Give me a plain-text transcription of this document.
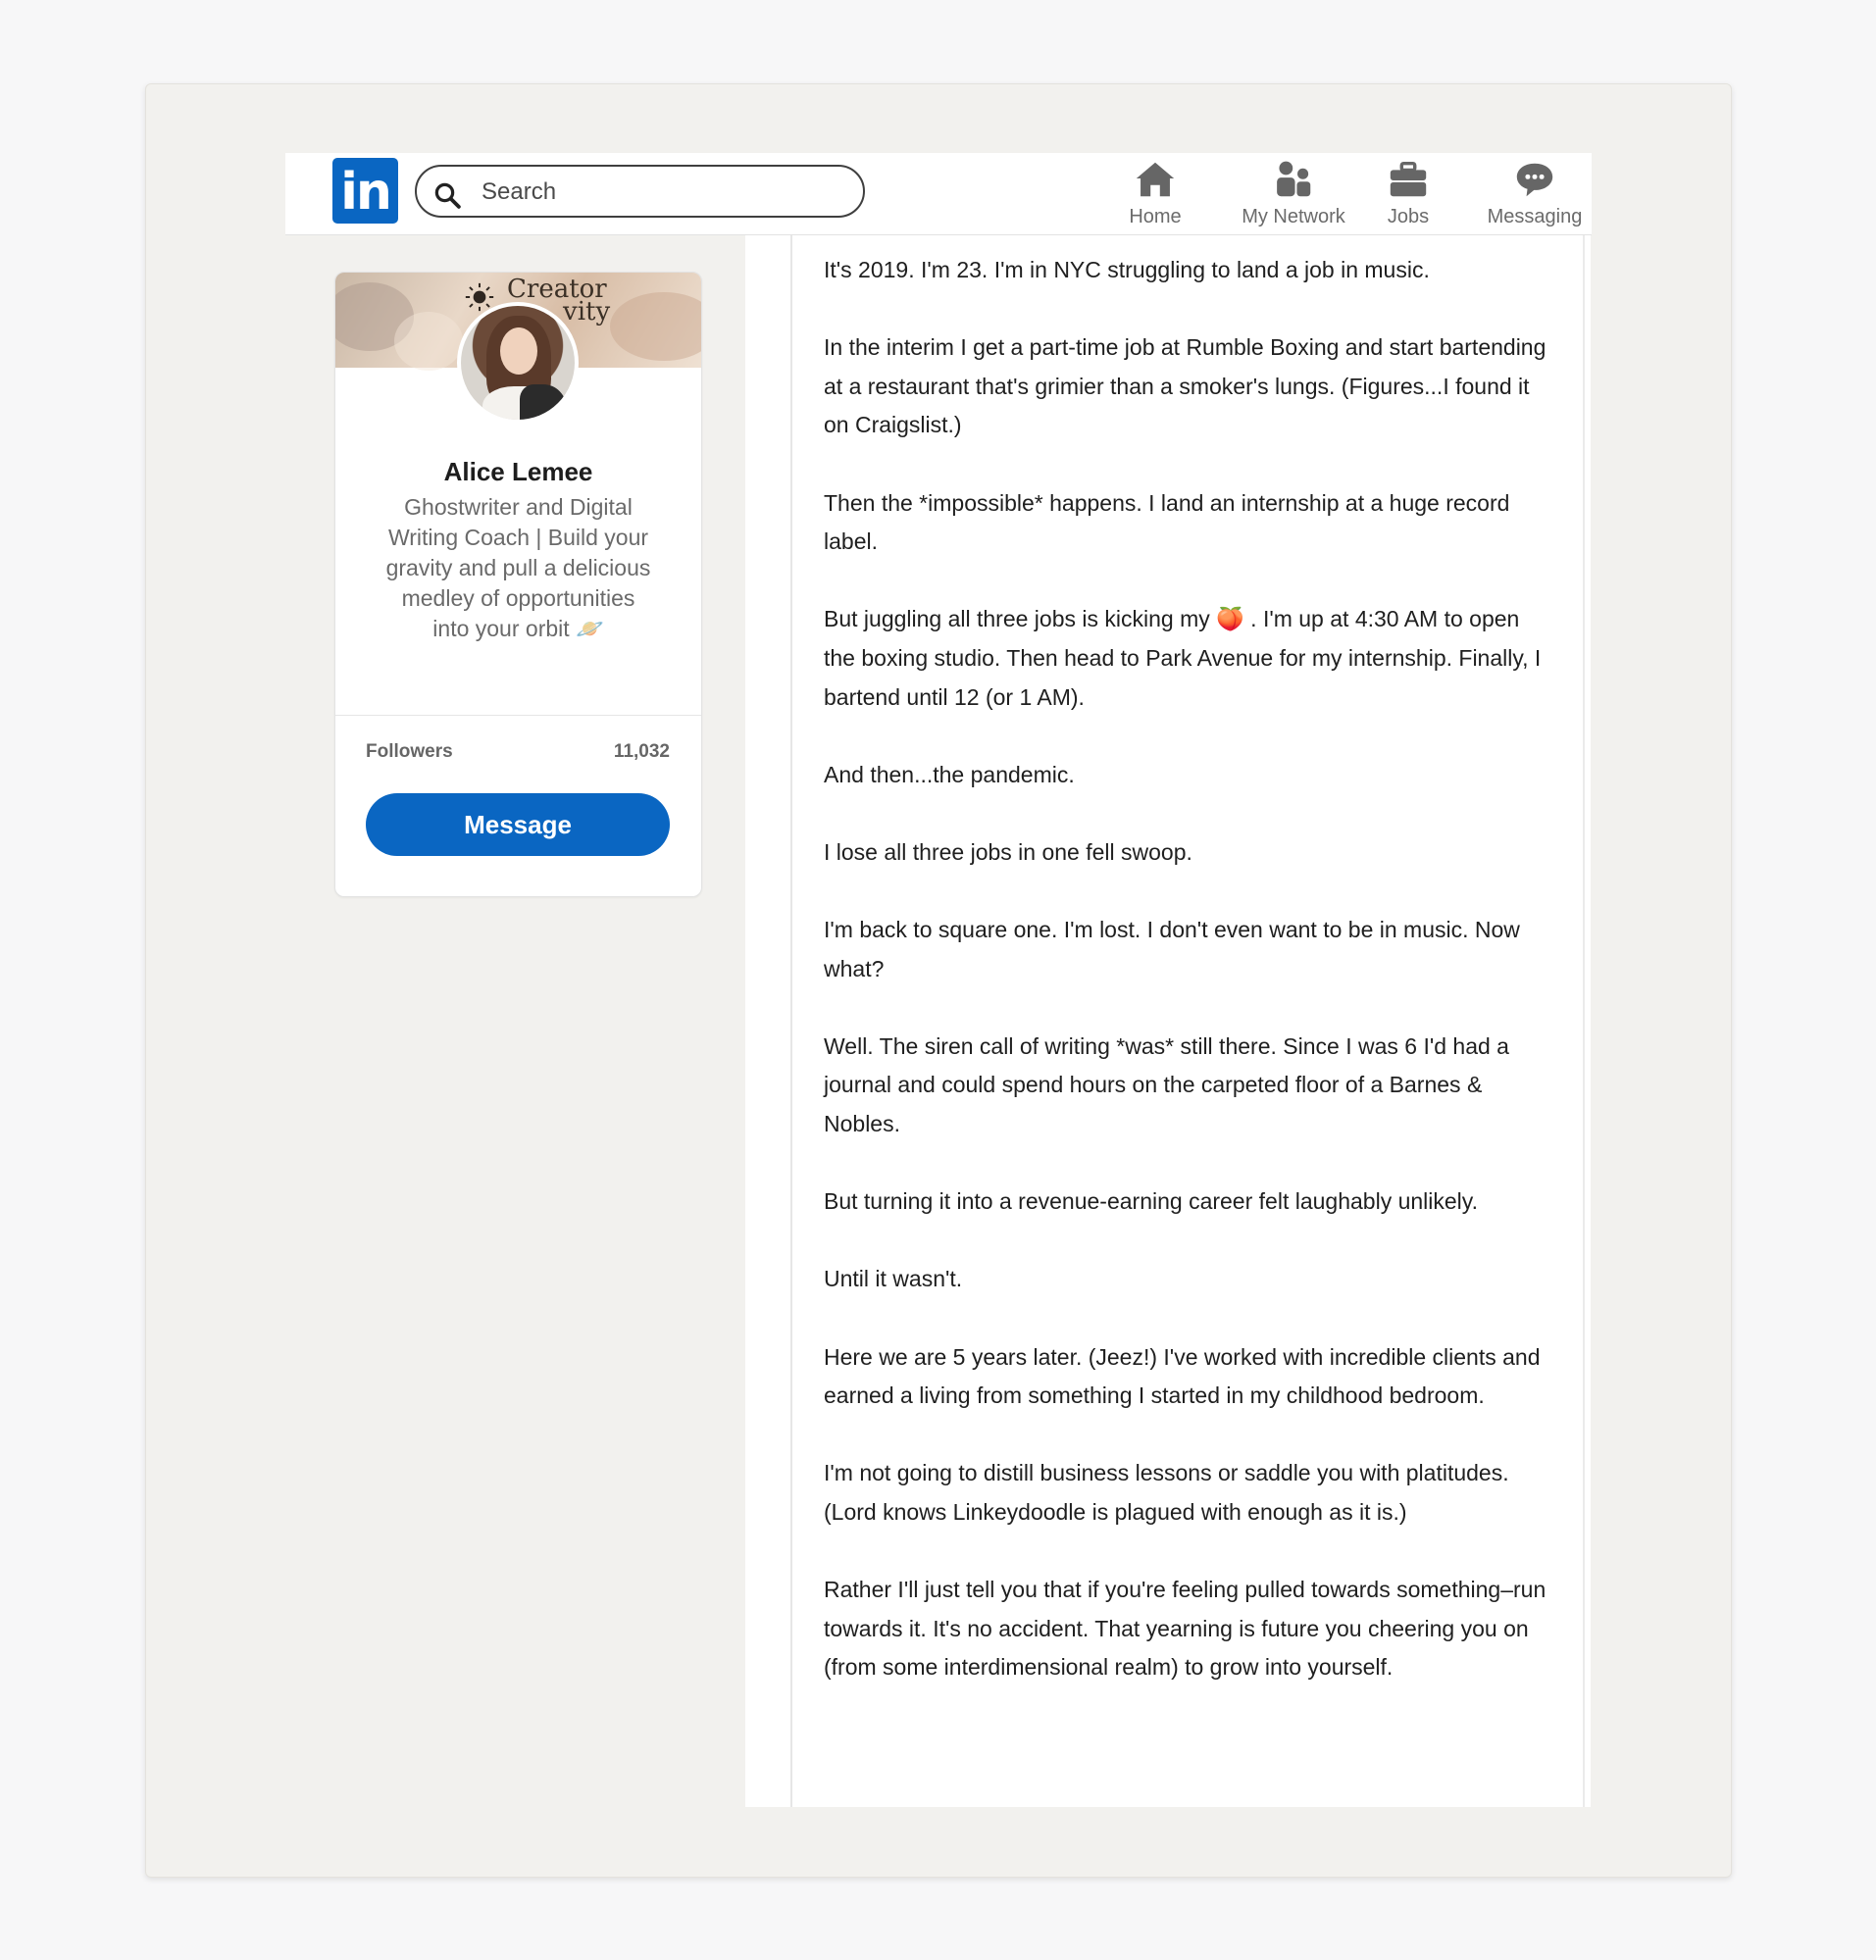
in
Search	Home	My Network	Jobs	Messaging
Creator
vity
Alice Lemee
Ghostwriter and Digital Writing Coach | Build your gravity and pull a delicious medley of opportunities into your orbit 🪐
Followers	11,032
Message

It's 2019. I'm 23. I'm in NYC struggling to land a job in music.

In the interim I get a part-time job at Rumble Boxing and start bartending at a restaurant that's grimier than a smoker's lungs. (Figures...I found it on Craigslist.)

Then the *impossible* happens. I land an internship at a huge record label.

But juggling all three jobs is kicking my 🍑 . I'm up at 4:30 AM to open the boxing studio. Then head to Park Avenue for my internship. Finally, I bartend until 12 (or 1 AM).

And then...the pandemic.

I lose all three jobs in one fell swoop.

I'm back to square one. I'm lost. I don't even want to be in music. Now what?

Well. The siren call of writing *was* still there. Since I was 6 I'd had a journal and could spend hours on the carpeted floor of a Barnes & Nobles.

But turning it into a revenue-earning career felt laughably unlikely.

Until it wasn't.

Here we are 5 years later. (Jeez!) I've worked with incredible clients and earned a living from something I started in my childhood bedroom.

I'm not going to distill business lessons or saddle you with platitudes. (Lord knows Linkeydoodle is plagued with enough as it is.)

Rather I'll just tell you that if you're feeling pulled towards something–run towards it. It's no accident. That yearning is future you cheering you on (from some interdimensional realm) to grow into yourself.
